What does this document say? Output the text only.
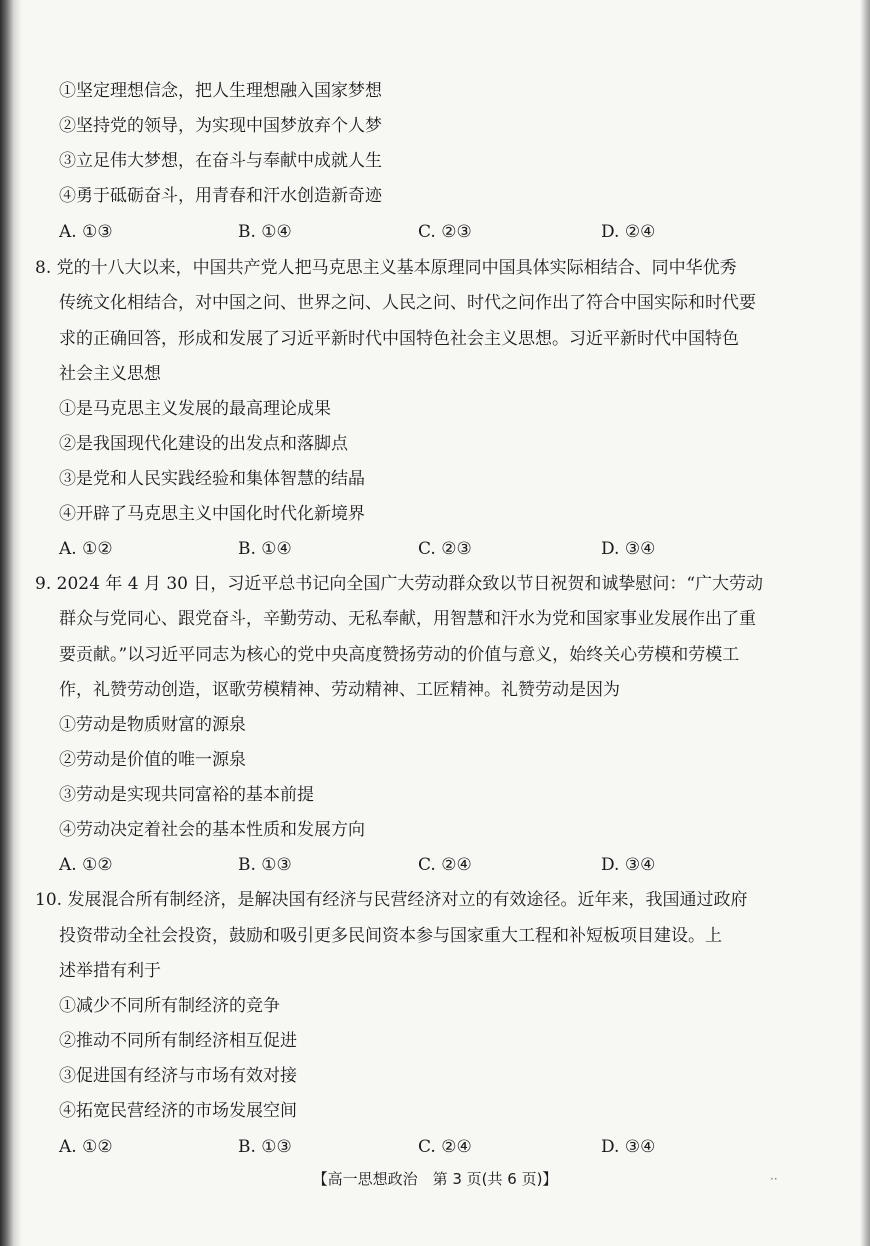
①坚定理想信念，把人生理想融入国家梦想
②坚持党的领导，为实现中国梦放弃个人梦
③立足伟大梦想，在奋斗与奉献中成就人生
④勇于砥砺奋斗，用青春和汗水创造新奇迹
A. ①③	B. ①④	C. ②③	D. ②④
8. 党的十八大以来，中国共产党人把马克思主义基本原理同中国具体实际相结合、同中华优秀
传统文化相结合，对中国之问、世界之问、人民之问、时代之问作出了符合中国实际和时代要
求的正确回答，形成和发展了习近平新时代中国特色社会主义思想。习近平新时代中国特色
社会主义思想
①是马克思主义发展的最高理论成果
②是我国现代化建设的出发点和落脚点
③是党和人民实践经验和集体智慧的结晶
④开辟了马克思主义中国化时代化新境界
A. ①②	B. ①④	C. ②③	D. ③④
9. 2024 年 4 月 30 日，习近平总书记向全国广大劳动群众致以节日祝贺和诚挚慰问：“广大劳动
群众与党同心、跟党奋斗，辛勤劳动、无私奉献，用智慧和汗水为党和国家事业发展作出了重
要贡献。”以习近平同志为核心的党中央高度赞扬劳动的价值与意义，始终关心劳模和劳模工
作，礼赞劳动创造，讴歌劳模精神、劳动精神、工匠精神。礼赞劳动是因为
①劳动是物质财富的源泉
②劳动是价值的唯一源泉
③劳动是实现共同富裕的基本前提
④劳动决定着社会的基本性质和发展方向
A. ①②	B. ①③	C. ②④	D. ③④
10. 发展混合所有制经济，是解决国有经济与民营经济对立的有效途径。近年来，我国通过政府
投资带动全社会投资，鼓励和吸引更多民间资本参与国家重大工程和补短板项目建设。上
述举措有利于
①减少不同所有制经济的竞争
②推动不同所有制经济相互促进
③促进国有经济与市场有效对接
④拓宽民营经济的市场发展空间
A. ①②	B. ①③	C. ②④	D. ③④
【高一思想政治　第 3 页(共 6 页)】	··
